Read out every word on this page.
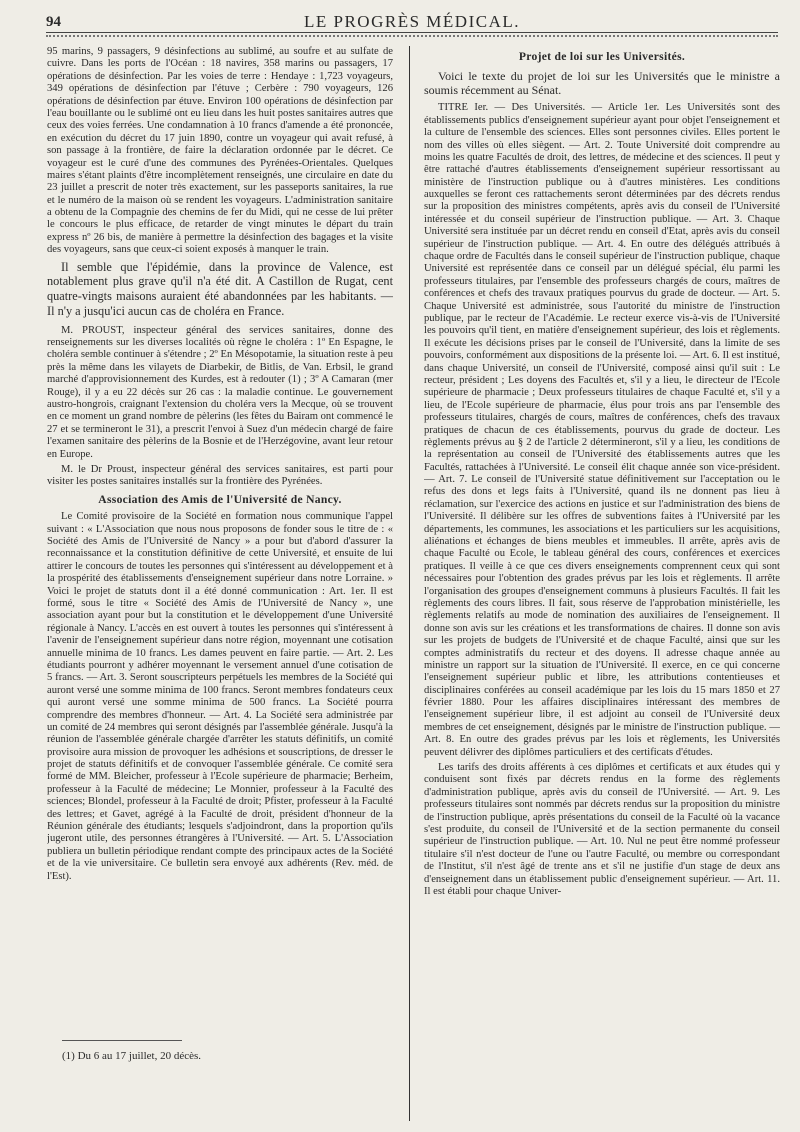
94	LE PROGRÈS MÉDICAL.

95 marins, 9 passagers, 9 désinfections au sublimé, au soufre et au sulfate de cuivre. Dans les ports de l'Océan : 18 navires, 358 marins ou passagers, 17 opérations de désinfection. Par les voies de terre : Hendaye : 1,723 voyageurs, 349 opérations de désinfection par l'étuve ; Cerbère : 790 voyageurs, 126 opérations de désinfection par étuve. Environ 100 opérations de désinfection par l'eau bouillante ou le sublimé ont eu lieu dans les huit postes sanitaires autres que ceux des voies ferrées. Une condamnation à 10 francs d'amende a été prononcée, en exécution du décret du 17 juin 1890, contre un voyageur qui avait refusé, à son passage à la frontière, de faire la déclaration ordonnée par le décret. Ce voyageur est le curé d'une des communes des Pyrénées-Orientales. Quelques maires s'étant plaints d'être incomplètement renseignés, une circulaire en date du 23 juillet a prescrit de noter très exactement, sur les passeports sanitaires, la rue et le numéro de la maison où se rendent les voyageurs. L'administration sanitaire a obtenu de la Compagnie des chemins de fer du Midi, qui ne cesse de lui prêter le concours le plus efficace, de retarder de vingt minutes le départ du train express nº 26 bis, de manière à permettre la désinfection des bagages et la visite des voyageurs, sans que ceux-ci soient exposés à manquer le train.

Il semble que l'épidémie, dans la province de Valence, est notablement plus grave qu'il n'a été dit. A Castillon de Rugat, cent quatre-vingts maisons auraient été abandonnées par les habitants. — Il n'y a jusqu'ici aucun cas de choléra en France.

M. PROUST, inspecteur général des services sanitaires, donne des renseignements sur les diverses localités où règne le choléra : 1º En Espagne, le choléra semble continuer à s'étendre ; 2º En Mésopotamie, la situation reste à peu près la même dans les vilayets de Diarbekir, de Bitlis, de Van. Erbsil, le grand marché d'approvisionnement des Kurdes, est à redouter (1) ; 3º A Camaran (mer Rouge), il y a eu 22 décès sur 26 cas : la maladie continue. Le gouvernement austro-hongrois, craignant l'extension du choléra vers la Mecque, où se trouvent en ce moment un grand nombre de pèlerins (les fêtes du Bairam ont commencé le 27 et se termineront le 31), a prescrit l'envoi à Suez d'un médecin chargé de faire l'examen sanitaire des pèlerins de la Bosnie et de l'Herzégovine, avant leur retour en Europe.

M. le Dr Proust, inspecteur général des services sanitaires, est parti pour visiter les postes sanitaires installés sur la frontière des Pyrénées.

Association des Amis de l'Université de Nancy.

Le Comité provisoire de la Société en formation nous communique l'appel suivant : « L'Association que nous nous proposons de fonder sous le titre de : « Société des Amis de l'Université de Nancy » a pour but d'abord d'assurer la reconnaissance et la constitution définitive de cette Université, et ensuite de lui attirer le concours de toutes les personnes qui s'intéressent au développement et à la prospérité des établissements d'enseignement supérieur dans notre Lorraine. » Voici le projet de statuts dont il a été donné communication : Art. 1er. Il est formé, sous le titre « Société des Amis de l'Université de Nancy », une association ayant pour but la constitution et le développement d'une Université régionale à Nancy. L'accès en est ouvert à toutes les personnes qui s'intéressent à l'avenir de l'enseignement supérieur dans notre région, moyennant une cotisation annuelle minima de 10 francs. Les dames peuvent en faire partie. — Art. 2. Les étudiants pourront y adhérer moyennant le versement annuel d'une cotisation de 5 francs. — Art. 3. Seront souscripteurs perpétuels les membres de la Société qui auront versé une somme minima de 100 francs. Seront membres fondateurs ceux qui auront versé une somme minima de 500 francs. La Société pourra comprendre des membres d'honneur. — Art. 4. La Société sera administrée par un comité de 24 membres qui seront désignés par l'assemblée générale. Jusqu'à la réunion de l'assemblée générale chargée d'arrêter les statuts définitifs, un comité provisoire aura mission de provoquer les adhésions et souscriptions, de dresser le projet de statuts définitifs et de convoquer l'assemblée générale. Ce comité sera formé de MM. Bleicher, professeur à l'Ecole supérieure de pharmacie; Berheim, professeur à la Faculté de médecine; Le Monnier, professeur à la Faculté des sciences; Blondel, professeur à la Faculté de droit; Pfister, professeur à la Faculté des lettres; et Gavet, agrégé à la Faculté de droit, président d'honneur de la Réunion générale des étudiants; lesquels s'adjoindront, dans la proportion qu'ils jugeront utile, des personnes étrangères à l'Université. — Art. 5. L'Association publiera un bulletin périodique rendant compte des principaux actes de la Société et de la vie universitaire. Ce bulletin sera envoyé aux adhérents (Rev. méd. de l'Est).

(1) Du 6 au 17 juillet, 20 décès.
Projet de loi sur les Universités.

Voici le texte du projet de loi sur les Universités que le ministre a soumis récemment au Sénat.

TITRE Ier. — Des Universités. — Article 1er. Les Universités sont des établissements publics d'enseignement supérieur ayant pour objet l'enseignement et la culture de l'ensemble des sciences. Elles sont personnes civiles. Elles portent le nom des villes où elles siègent. — Art. 2. Toute Université doit comprendre au moins les quatre Facultés de droit, des lettres, de médecine et des sciences. Il peut y être rattaché d'autres établissements d'enseignement supérieur ressortissant au ministère de l'instruction publique ou à d'autres ministères. Les conditions auxquelles se feront ces rattachements seront déterminées par des décrets rendus sur la proposition des ministres compétents, après avis du conseil de l'Université intéressée et du conseil supérieur de l'instruction publique. — Art. 3. Chaque Université sera instituée par un décret rendu en conseil d'Etat, après avis du conseil supérieur de l'instruction publique. — Art. 4. En outre des délégués attribués à chaque ordre de Facultés dans le conseil supérieur de l'instruction publique, chaque Université est représentée dans ce conseil par un délégué spécial, élu parmi les professeurs titulaires, par l'ensemble des professeurs chargés de cours, maîtres de conférences et chefs des travaux pratiques pourvus du grade de docteur. — Art. 5. Chaque Université est administrée, sous l'autorité du ministre de l'instruction publique, par le recteur de l'Académie. Le recteur exerce vis-à-vis de l'Université les pouvoirs qu'il tient, en matière d'enseignement supérieur, des lois et règlements. Il exécute les décisions prises par le conseil de l'Université, dans la limite de ses pouvoirs, conformément aux dispositions de la présente loi. — Art. 6. Il est institué, dans chaque Université, un conseil de l'Université, composé ainsi qu'il suit : Le recteur, président ; Les doyens des Facultés et, s'il y a lieu, le directeur de l'Ecole supérieure de pharmacie ; Deux professeurs titulaires de chaque Faculté et, s'il y a lieu, de l'Ecole supérieure de pharmacie, élus pour trois ans par l'ensemble des professeurs titulaires, chargés de cours, maîtres de conférences, chefs des travaux pratiques de chacun de ces établissements, pourvus du grade de docteur. Les règlements prévus au § 2 de l'article 2 détermineront, s'il y a lieu, les conditions de la représentation au conseil de l'Université des établissements autres que les Facultés, rattachées à l'Université. Le conseil élit chaque année son vice-président. — Art. 7. Le conseil de l'Université statue définitivement sur l'acceptation ou le refus des dons et legs faits à l'Université, quand ils ne donnent pas lieu à réclamation, sur l'exercice des actions en justice et sur l'administration des biens de l'Université. Il délibère sur les offres de subventions faites à l'Université par les départements, les communes, les associations et les particuliers sur les acquisitions, aliénations et échanges de biens meubles et immeubles. Il arrête, après avis de chaque Faculté ou Ecole, le tableau général des cours, conférences et exercices pratiques. Il veille à ce que ces divers enseignements comprennent ceux qui sont nécessaires pour l'obtention des grades prévus par les lois et règlements. Il arrête l'organisation des groupes d'enseignement communs à plusieurs Facultés. Il fait les règlements des cours libres. Il fait, sous réserve de l'approbation ministérielle, les règlements relatifs au mode de nomination des auxiliaires de l'enseignement. Il donne son avis sur les créations et les transformations de chaires. Il donne son avis sur les projets de budgets de l'Université et de chaque Faculté, ainsi que sur les comptes administratifs du recteur et des doyens. Il adresse chaque année au ministre un rapport sur la situation de l'Université. Il exerce, en ce qui concerne l'enseignement supérieur public et libre, les attributions contentieuses et disciplinaires conférées au conseil académique par les lois du 15 mars 1850 et 27 février 1880. Pour les affaires disciplinaires intéressant des membres de l'enseignement supérieur libre, il est adjoint au conseil de l'Université deux membres de cet enseignement, désignés par le ministre de l'instruction publique. — Art. 8. En outre des grades prévus par les lois et règlements, les Universités peuvent délivrer des diplômes particuliers et des certificats d'études.

Les tarifs des droits afférents à ces diplômes et certificats et aux études qui y conduisent sont fixés par décrets rendus en la forme des règlements d'administration publique, après avis du conseil de l'Université. — Art. 9. Les professeurs titulaires sont nommés par décrets rendus sur la proposition du ministre de l'instruction publique, après présentations du conseil de la Faculté où la vacance s'est produite, du conseil de l'Université et de la section permanente du conseil supérieur de l'instruction publique. — Art. 10. Nul ne peut être nommé professeur titulaire s'il n'est docteur de l'une ou l'autre Faculté, ou membre ou correspondant de l'Institut, s'il n'est âgé de trente ans et s'il ne justifie d'un stage de deux ans d'enseignement dans un établissement public d'enseignement supérieur. — Art. 11. Il est établi pour chaque Univer-
